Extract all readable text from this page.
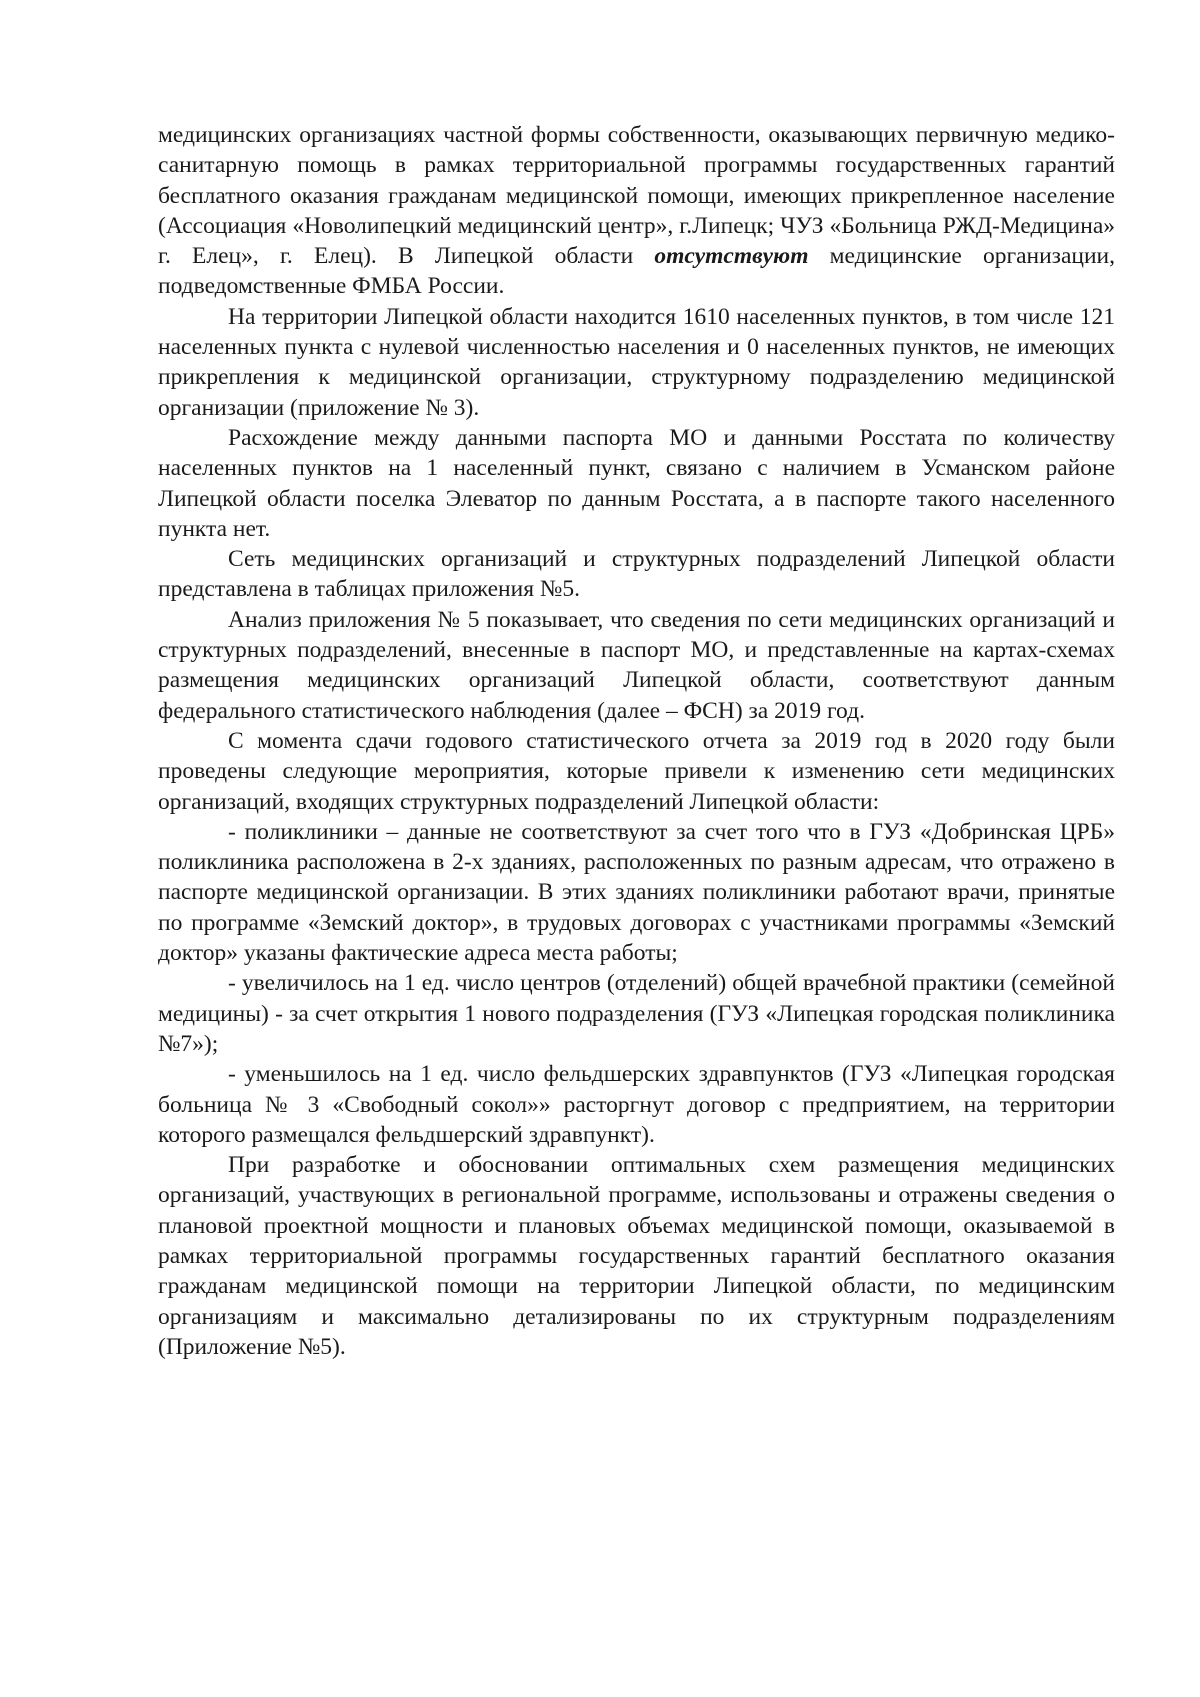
медицинских организациях частной формы собственности, оказывающих первичную медико-санитарную помощь в рамках территориальной программы государственных гарантий бесплатного оказания гражданам медицинской помощи, имеющих прикрепленное население (Ассоциация «Новолипецкий медицинский центр», г.Липецк; ЧУЗ «Больница РЖД-Медицина» г. Елец», г. Елец). В Липецкой области отсутствуют медицинские организации, подведомственные ФМБА России.

На территории Липецкой области находится 1610 населенных пунктов, в том числе 121 населенных пункта с нулевой численностью населения и 0 населенных пунктов, не имеющих прикрепления к медицинской организации, структурному подразделению медицинской организации (приложение № 3).

Расхождение между данными паспорта МО и данными Росстата по количеству населенных пунктов на 1 населенный пункт, связано с наличием в Усманском районе Липецкой области поселка Элеватор по данным Росстата, а в паспорте такого населенного пункта нет.

Сеть медицинских организаций и структурных подразделений Липецкой области представлена в таблицах приложения №5.

Анализ приложения № 5 показывает, что сведения по сети медицинских организаций и структурных подразделений, внесенные в паспорт МО, и представленные на картах-схемах размещения медицинских организаций Липецкой области, соответствуют данным федерального статистического наблюдения (далее – ФСН) за 2019 год.

С момента сдачи годового статистического отчета за 2019 год в 2020 году были проведены следующие мероприятия, которые привели к изменению сети медицинских организаций, входящих структурных подразделений Липецкой области:

- поликлиники – данные не соответствуют за счет того что в ГУЗ «Добринская ЦРБ» поликлиника расположена в 2-х зданиях, расположенных по разным адресам, что отражено в паспорте медицинской организации. В этих зданиях поликлиники работают врачи, принятые по программе «Земский доктор», в трудовых договорах с участниками программы «Земский доктор» указаны фактические адреса места работы;

- увеличилось на 1 ед. число центров (отделений) общей врачебной практики (семейной медицины) - за счет открытия 1 нового подразделения (ГУЗ «Липецкая городская поликлиника №7»);

- уменьшилось на 1 ед. число фельдшерских здравпунктов (ГУЗ «Липецкая городская больница № 3 «Свободный сокол»» расторгнут договор с предприятием, на территории которого размещался фельдшерский здравпункт).

При разработке и обосновании оптимальных схем размещения медицинских организаций, участвующих в региональной программе, использованы и отражены сведения о плановой проектной мощности и плановых объемах медицинской помощи, оказываемой в рамках территориальной программы государственных гарантий бесплатного оказания гражданам медицинской помощи на территории Липецкой области, по медицинским организациям и максимально детализированы по их структурным подразделениям (Приложение №5).
